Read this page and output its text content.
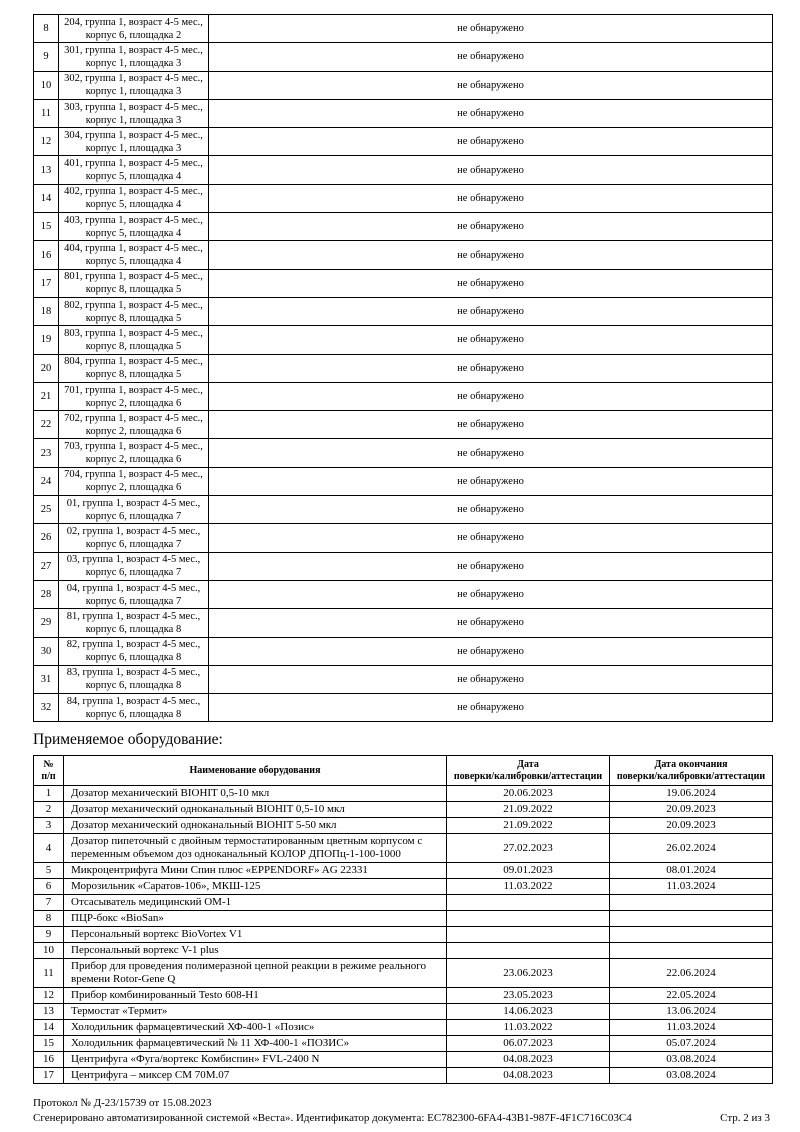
8	204, группа 1, возраст 4-5 мес.,
корпус 6, площадка 2	не обнаружено
9	301, группа 1, возраст 4-5 мес.,
корпус 1, площадка 3	не обнаружено
10	302, группа 1, возраст 4-5 мес.,
корпус 1, площадка 3	не обнаружено
11	303, группа 1, возраст 4-5 мес.,
корпус 1, площадка 3	не обнаружено
12	304, группа 1, возраст 4-5 мес.,
корпус 1, площадка 3	не обнаружено
13	401, группа 1, возраст 4-5 мес.,
корпус 5, площадка 4	не обнаружено
14	402, группа 1, возраст 4-5 мес.,
корпус 5, площадка 4	не обнаружено
15	403, группа 1, возраст 4-5 мес.,
корпус 5, площадка 4	не обнаружено
16	404, группа 1, возраст 4-5 мес.,
корпус 5, площадка 4	не обнаружено
17	801, группа 1, возраст 4-5 мес.,
корпус 8, площадка 5	не обнаружено
18	802, группа 1, возраст 4-5 мес.,
корпус 8, площадка 5	не обнаружено
19	803, группа 1, возраст 4-5 мес.,
корпус 8, площадка 5	не обнаружено
20	804, группа 1, возраст 4-5 мес.,
корпус 8, площадка 5	не обнаружено
21	701, группа 1, возраст 4-5 мес.,
корпус 2, площадка 6	не обнаружено
22	702, группа 1, возраст 4-5 мес.,
корпус 2, площадка 6	не обнаружено
23	703, группа 1, возраст 4-5 мес.,
корпус 2, площадка 6	не обнаружено
24	704, группа 1, возраст 4-5 мес.,
корпус 2, площадка 6	не обнаружено
25	01, группа 1, возраст 4-5 мес.,
корпус 6, площадка 7	не обнаружено
26	02, группа 1, возраст 4-5 мес.,
корпус 6, площадка 7	не обнаружено
27	03, группа 1, возраст 4-5 мес.,
корпус 6, площадка 7	не обнаружено
28	04, группа 1, возраст 4-5 мес.,
корпус 6, площадка 7	не обнаружено
29	81, группа 1, возраст 4-5 мес.,
корпус 6, площадка 8	не обнаружено
30	82, группа 1, возраст 4-5 мес.,
корпус 6, площадка 8	не обнаружено
31	83, группа 1, возраст 4-5 мес.,
корпус 6, площадка 8	не обнаружено
32	84, группа 1, возраст 4-5 мес.,
корпус 6, площадка 8	не обнаружено
Применяемое оборудование:
№
п/п
	Наименование оборудования	
Дата
поверки/калибровки/аттестации

Дата окончания
поверки/калибровки/аттестации

1	Дозатор механический BIOHIT 0,5-10 мкл	20.06.2023	19.06.2024
2	Дозатор механический одноканальный BIOHIT 0,5-10 мкл	21.09.2022	20.09.2023
3	Дозатор механический одноканальный BIOHIT 5-50 мкл	21.09.2022	20.09.2023
4	Дозатор пипеточный с двойным термостатированным цветным корпусом с переменным объемом доз одноканальный КОЛОР ДПОПц-1-100-1000	27.02.2023	26.02.2024
5	Микроцентрифуга Мини Спин плюс «EPPENDORF» AG 22331	09.01.2023	08.01.2024
6	Морозильник «Саратов-106», МКШ-125	11.03.2022	11.03.2024
7	Отсасыватель медицинский ОМ-1		
8	ПЦР-бокс «BioSan»		
9	Персональный вортекс BioVortex V1		
10	Персональный вортекс V-1 plus		
11	Прибор для проведения полимеразной цепной реакции в режиме реального времени Rotor-Gene Q	23.06.2023	22.06.2024
12	Прибор комбинированный Testo 608-H1	23.05.2023	22.05.2024
13	Термостат «Термит»	14.06.2023	13.06.2024
14	Холодильник фармацевтический ХФ-400-1 «Позис»	11.03.2022	11.03.2024
15	Холодильник фармацевтический № 11 ХФ-400-1 «ПОЗИС»	06.07.2023	05.07.2024
16	Центрифуга «Фуга/вортекс Комбиспин» FVL-2400 N	04.08.2023	03.08.2024
17	Центрифуга – миксер СМ 70М.07	04.08.2023	03.08.2024
Протокол № Д-23/15739 от 15.08.2023
Сгенерировано автоматизированной системой «Веста». Идентификатор документа: EC782300-6FA4-43B1-987F-4F1C716C03C4	Стр. 2 из 3
